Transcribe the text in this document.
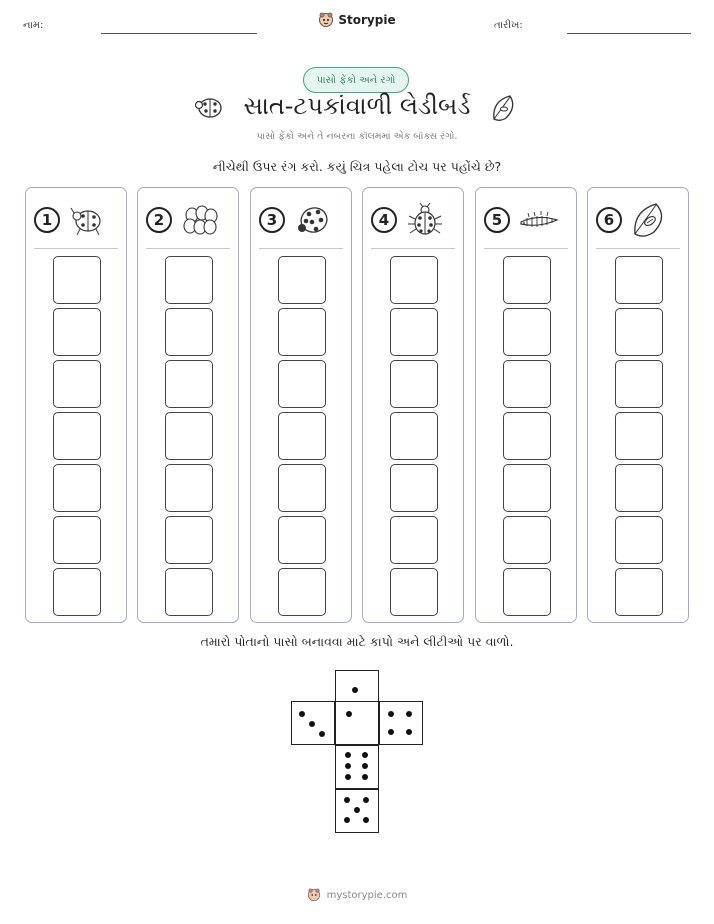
નામ:	Storypie	તારીખ:
પાસો ફેંકો અને રંગો
સાત-ટપકાંવાળી લેડીબર્ડ
પાસો ફેંકો અને તે નંબરના કૉલમમાં એક બૉક્સ રંગો.
નીચેથી ઉપર રંગ કરો. કયું ચિત્ર પહેલા ટોચ પર પહોંચે છે?
1	2	3	4	5	6
તમારો પોતાનો પાસો બનાવવા માટે કાપો અને લીટીઓ પર વાળો.
mystorypie.com
